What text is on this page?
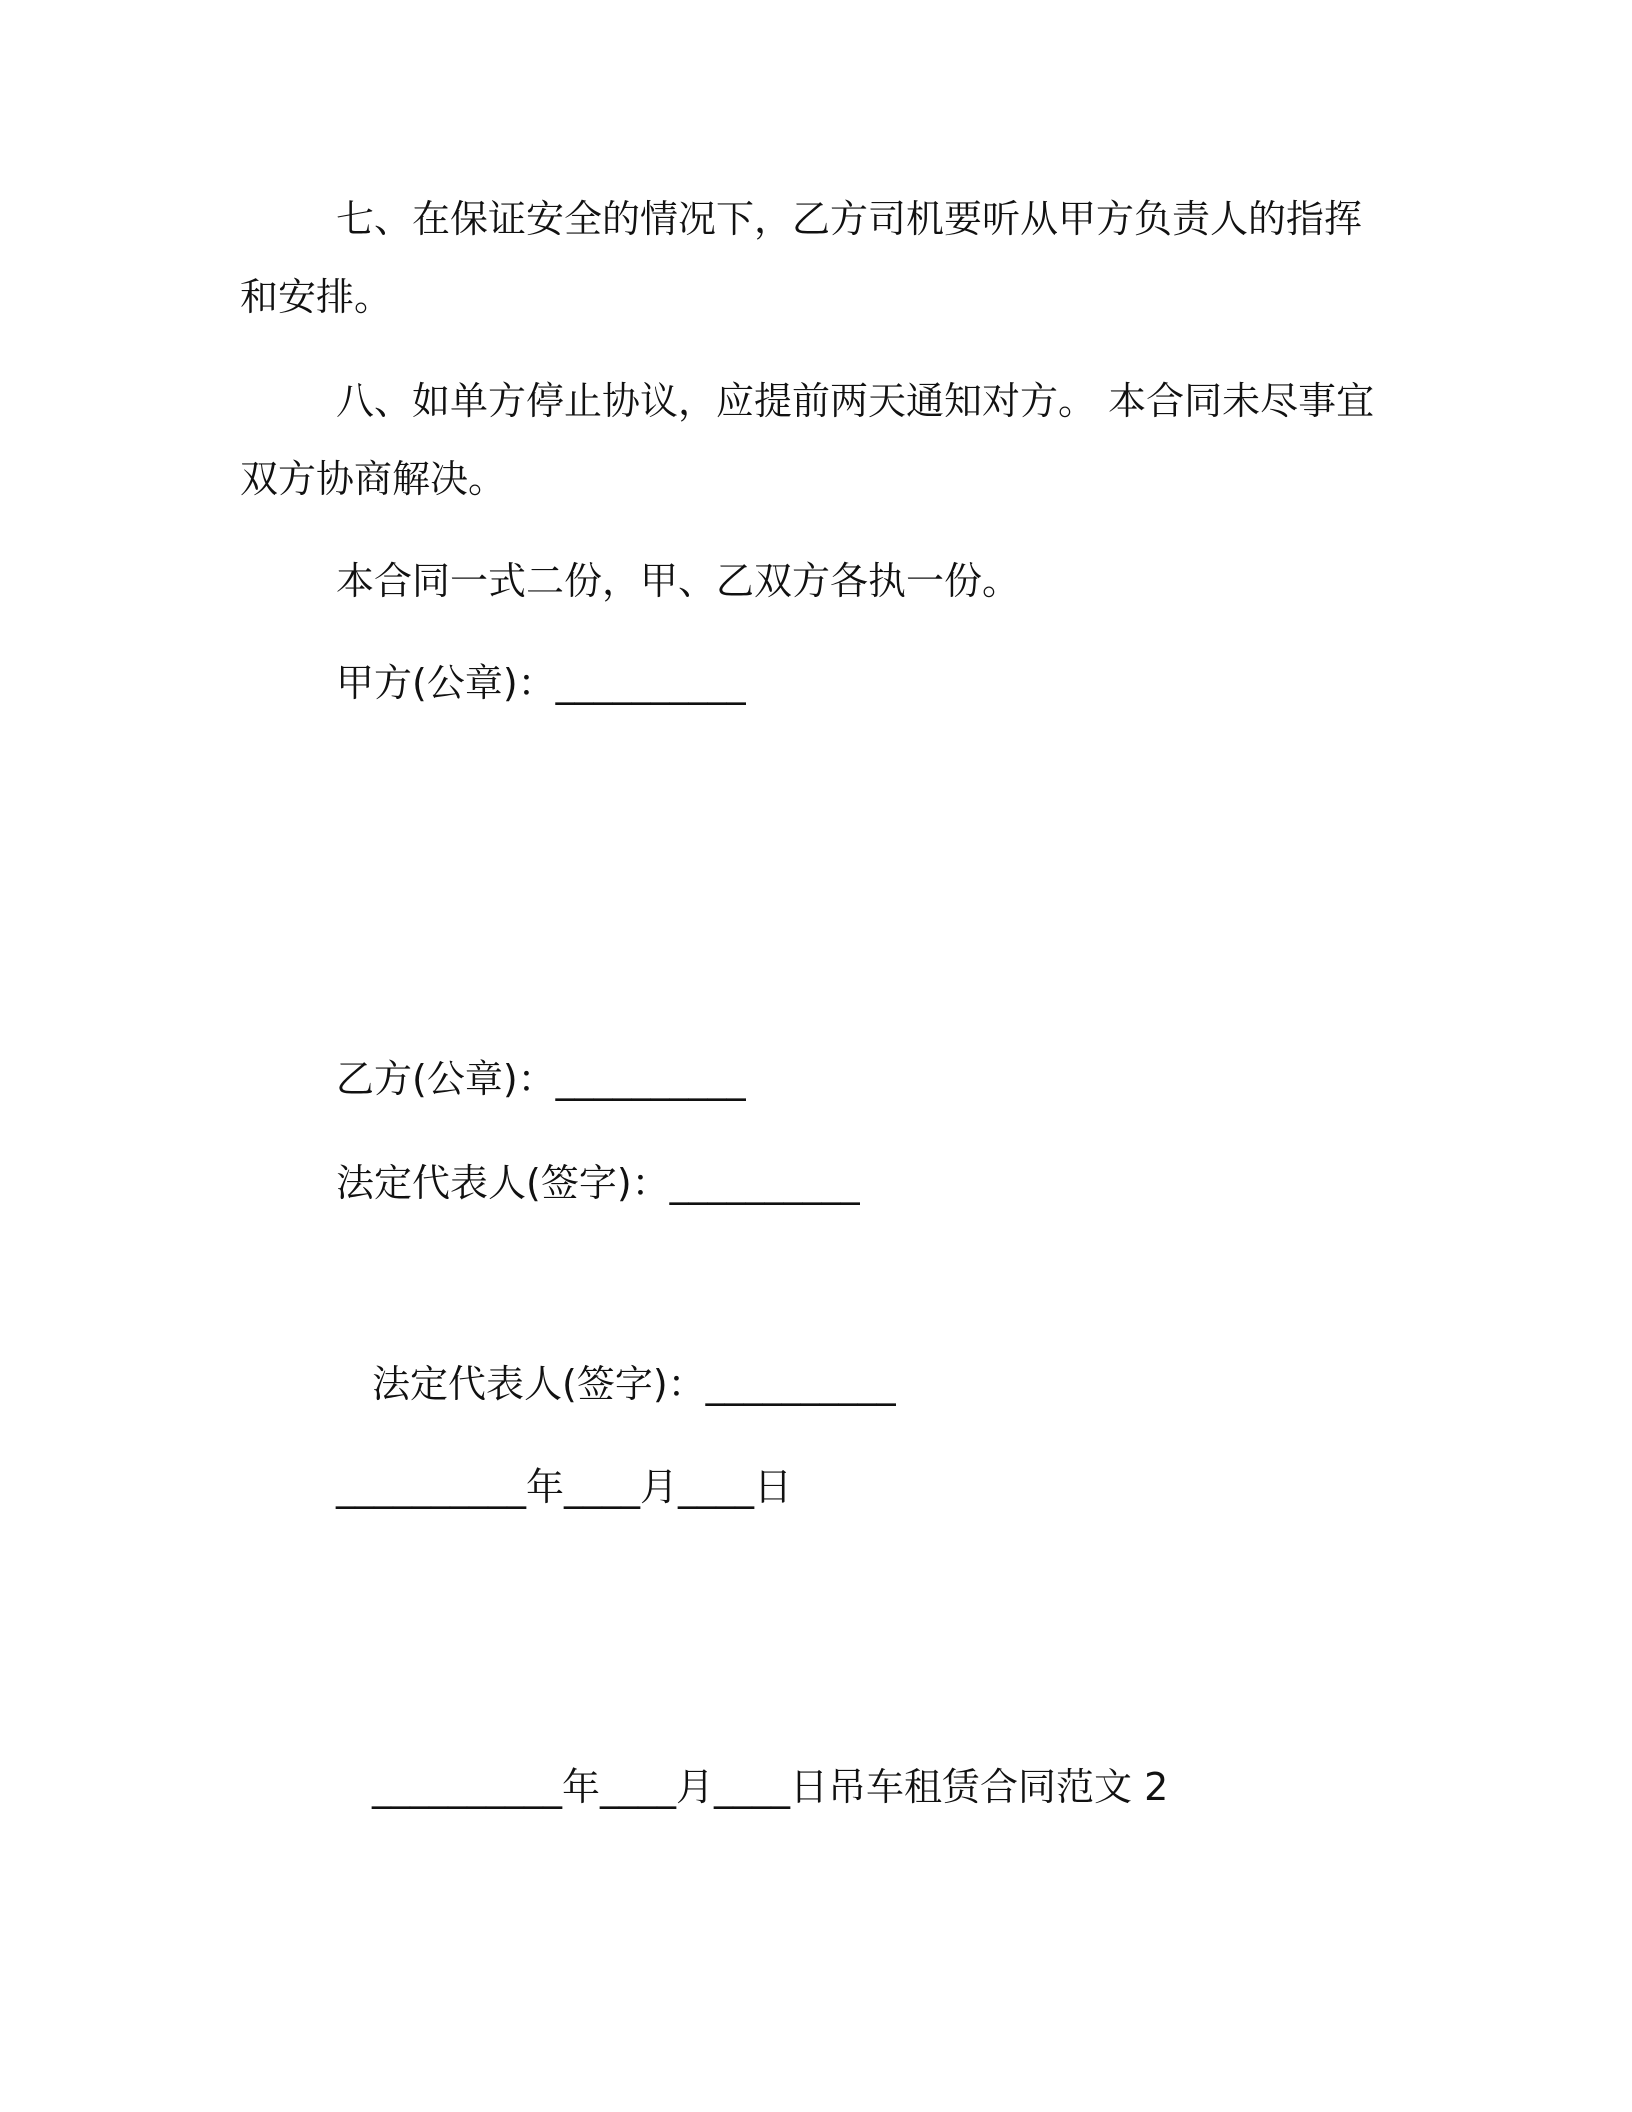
七、在保证安全的情况下，乙方司机要听从甲方负责人的指挥和安排。
八、如单方停止协议，应提前两天通知对方。 本合同未尽事宜双方协商解决。
本合同一式二份，甲、乙双方各执一份。
甲方(公章)：__________
乙方(公章)：__________
法定代表人(签字)：__________
法定代表人(签字)：__________
__________年____月____日
__________年____月____日吊车租赁合同范文 2
